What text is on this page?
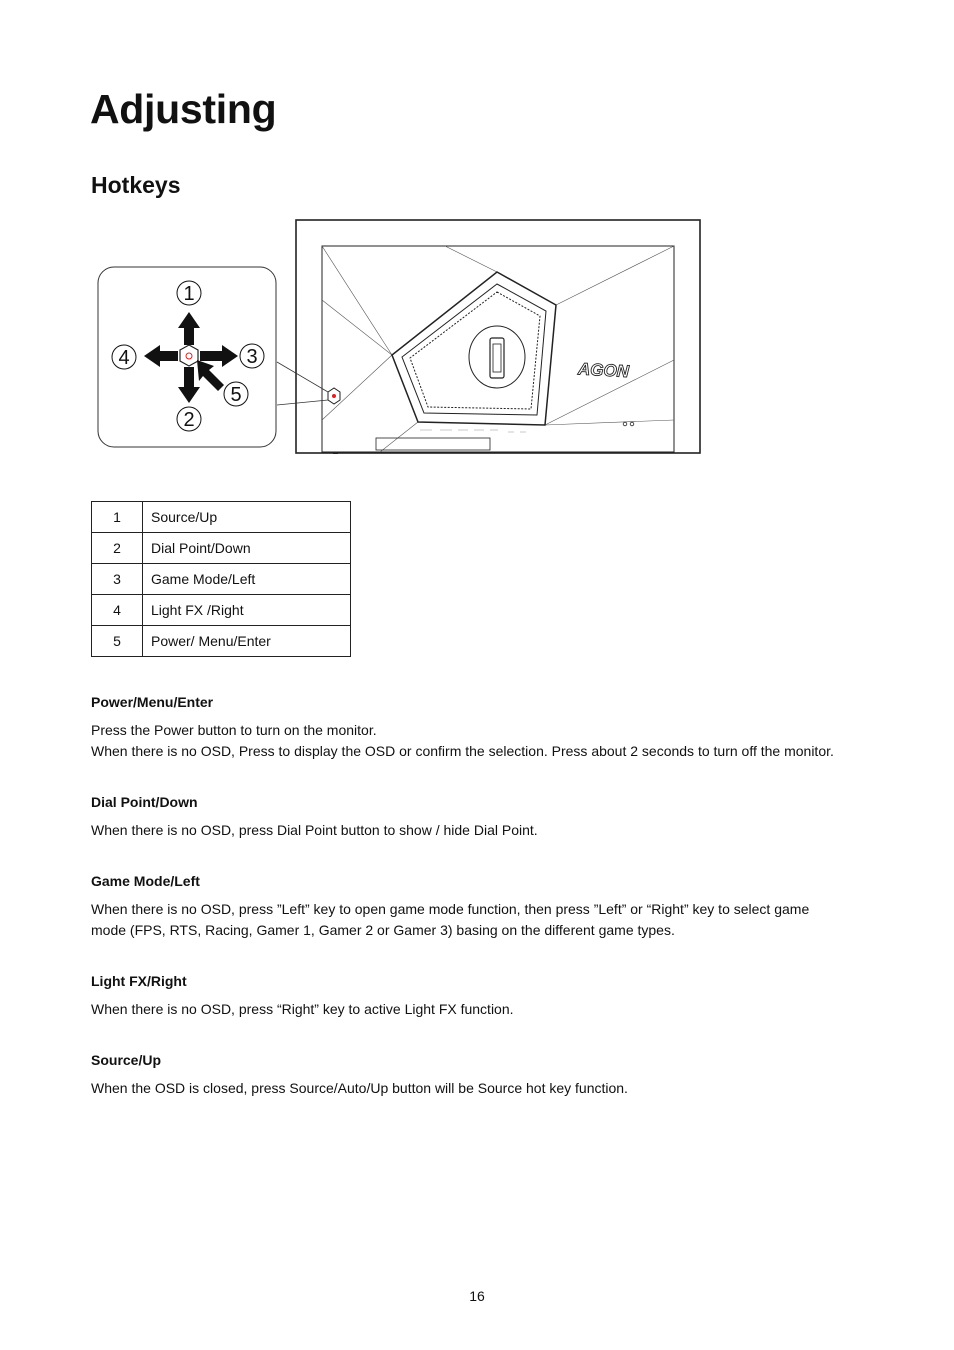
Adjusting
Hotkeys
AGON
1
2
3
4
5
1	Source/Up
2	Dial Point/Down
3	Game Mode/Left
4	Light FX /Right
5	Power/ Menu/Enter
Power/Menu/Enter

Press the Power button to turn on the monitor.

When there is no OSD, Press to display the OSD or confirm the selection. Press about 2 seconds to turn off the monitor.

Dial Point/Down

When there is no OSD, press Dial Point button to show / hide Dial Point.

Game Mode/Left

When there is no OSD, press ”Left” key to open game mode function, then press ”Left” or “Right” key to select game mode (FPS, RTS, Racing, Gamer 1, Gamer 2 or Gamer 3) basing on the different game types.

Light FX/Right

When there is no OSD, press “Right” key to active Light FX function.

Source/Up

When the OSD is closed, press Source/Auto/Up button will be Source hot key function.

16
